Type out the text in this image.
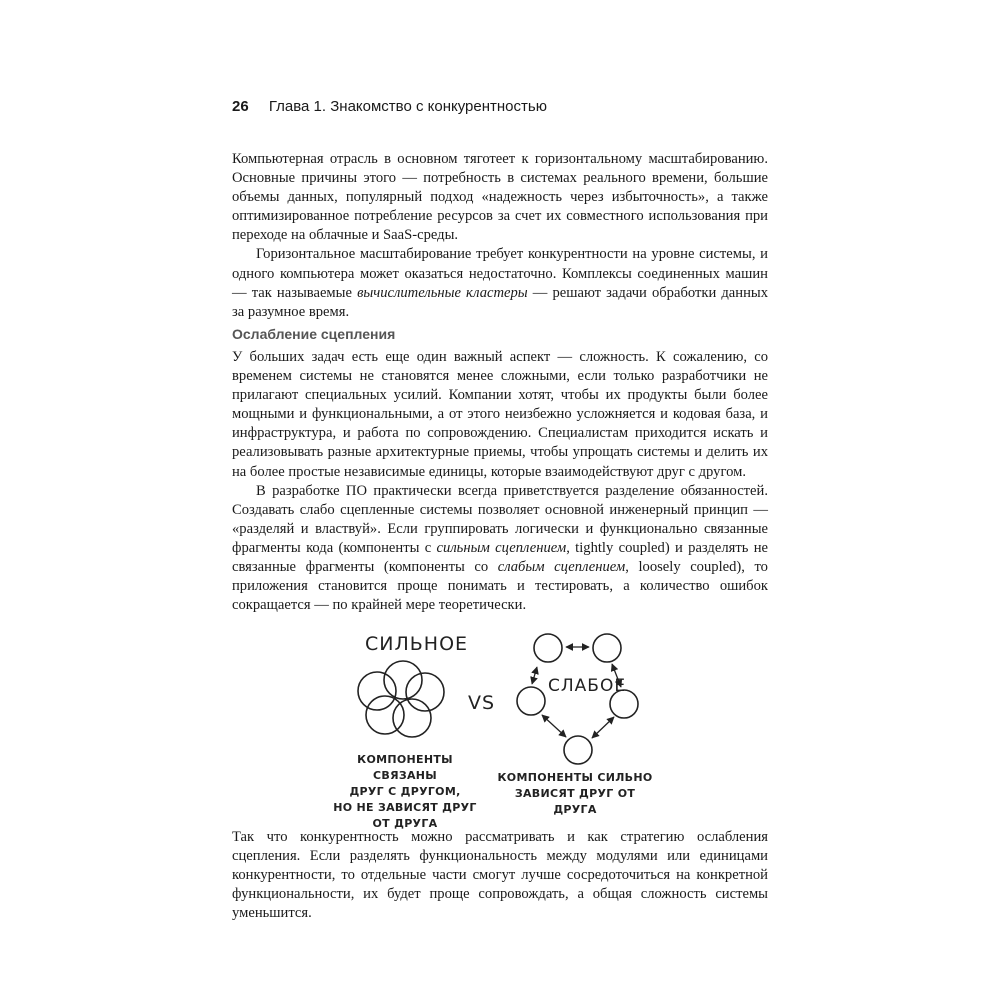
26 Глава 1. Знакомство с конкурентностью

Компьютерная отрасль в основном тяготеет к горизонтальному масштабированию. Основные причины этого — потребность в системах реального времени, большие объемы данных, популярный подход «надежность через избыточность», а также оптимизированное потребление ресурсов за счет их совместного использования при переходе на облачные и SaaS-среды.

Горизонтальное масштабирование требует конкурентности на уровне системы, и одного компьютера может оказаться недостаточно. Комплексы соединенных машин — так называемые вычислительные кластеры — решают задачи обработки данных за разумное время.

Ослабление сцепления

У больших задач есть еще один важный аспект — сложность. К сожалению, со временем системы не становятся менее сложными, если только разработчики не прилагают специальных усилий. Компании хотят, чтобы их продукты были более мощными и функциональными, а от этого неизбежно усложняется и кодовая база, и инфраструктура, и работа по сопровождению. Специалистам приходится искать и реализовывать разные архитектурные приемы, чтобы упрощать системы и делить их на более простые независимые единицы, которые взаимодействуют друг с другом.

В разработке ПО практически всегда приветствуется разделение обязанностей. Создавать слабо сцепленные системы позволяет основной инженерный принцип — «разделяй и властвуй». Если группировать логически и функционально связанные фрагменты кода (компоненты с сильным сцеплением, tightly coupled) и разделять не связанные фрагменты (компоненты со слабым сцеплением, loosely coupled), то приложения становится проще понимать и тестировать, а количество ошибок сокращается — по крайней мере теоретически.

СИЛЬНОЕ
VS
СЛАБОЕ
КОМПОНЕНТЫ СВЯЗАНЫ
ДРУГ С ДРУГОМ,
НО НЕ ЗАВИСЯТ ДРУГ
ОТ ДРУГА
КОМПОНЕНТЫ СИЛЬНО
ЗАВИСЯТ ДРУГ ОТ ДРУГА

Так что конкурентность можно рассматривать и как стратегию ослабления сцепления. Если разделять функциональность между модулями или единицами конкурентности, то отдельные части смогут лучше сосредоточиться на конкретной функциональности, их будет проще сопровождать, а общая сложность системы уменьшится.
